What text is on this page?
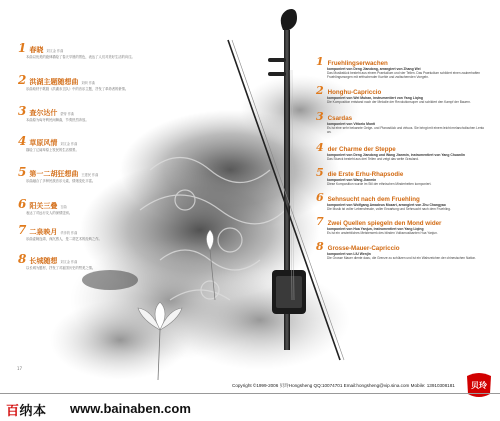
1 春晓 刘文金 作曲
本曲以优美的旋律描绘了春天早晨的景色，表达了人们对美好生活的向往。
2 洪湖主题随想曲 刘炽 作曲
乐曲取材于歌剧《洪湖赤卫队》中的音乐主题，抒发了革命者的豪情。
3 查尔达什 蒙蒂 作曲
本曲原为匈牙利民间舞曲，节奏热烈奔放。
4 草原风情 刘文金 作曲
描绘了辽阔草原上牧民的生活情景。
5 第一二胡狂想曲 王建民 作曲
乐曲融合了多种民族音乐元素，情绪变化丰富。
6 阳关三叠 古曲
表达了对远行友人的深情送别。
7 二泉映月 华彦钧 作曲
乐曲委婉连绵，深沉感人，是二胡艺术的经典之作。
8 长城随想 刘文金 作曲
以长城为题材，抒发了对祖国历史的赞美之情。
1 Fruehlingserwachen
komponiert von Deng Jiandong, arrangiert von Zhang Wei
Das Musikstück besteht aus einem Praeludium und vier Teilen. Das Praeludium schildert einen zauberhaften Fruehlingsmorgen mit erfrischender Kuehle und zwitschernden Voegeln.
2 Honghu-Capriccio
komponiert von Wei Muhan, instrumentiert von Yang Liqing
Die Komposition entstand nach der Melodie der Revolutionsoper und schildert den Kampf der Bauern.
3 Csardas
komponiert von Vittorio Monti
Es ist eine sehr bekannte Geige- und Pianostück und virtuos. Sie bringt mit einem leicht melancholischen Lento an.
4 der Charme der Steppe
komponiert von Deng Jiandong und Wang Jianmin, instrumentiert von Yang Chuanlin
Das Stueck besteht aus drei Teilen und zeigt das weite Grasland.
5 die Erste Erhu-Rhapsodie
komponiert von Wang Jianmin
Diese Komposition wurde im Stil der ethnischen Minderheiten komponiert.
6 Sehnsucht nach dem Fruehling
komponiert von Wolfgang Amadeus Mozart, arrangiert von Zhu Changyao
Die Musik ist voller Lebensfreude, voller Erwartung und Sehnsucht nach dem Fruehling.
7 Zwei Quellen spiegeln den Mond wider
komponiert von Hua Yanjun, instrumentiert von Yang Liqing
Es ist ein unsterbliches Meisterwerk des blinden Volksmusikanten Hua Yanjun.
8 Grosse-Mauer-Capriccio
komponiert von LIU Wenjin
Die Grosse Mauer diente dazu, die Grenze zu schützen und ist ein Wahrzeichen der chinesischen Nation.
17
Copyright ©1999-2006 贝玲Hongsheng QQ:10074701 Email:hongsheng@vip.sina.com Mobile: 13910308181 贝玲
百纳本 www.bainaben.com
